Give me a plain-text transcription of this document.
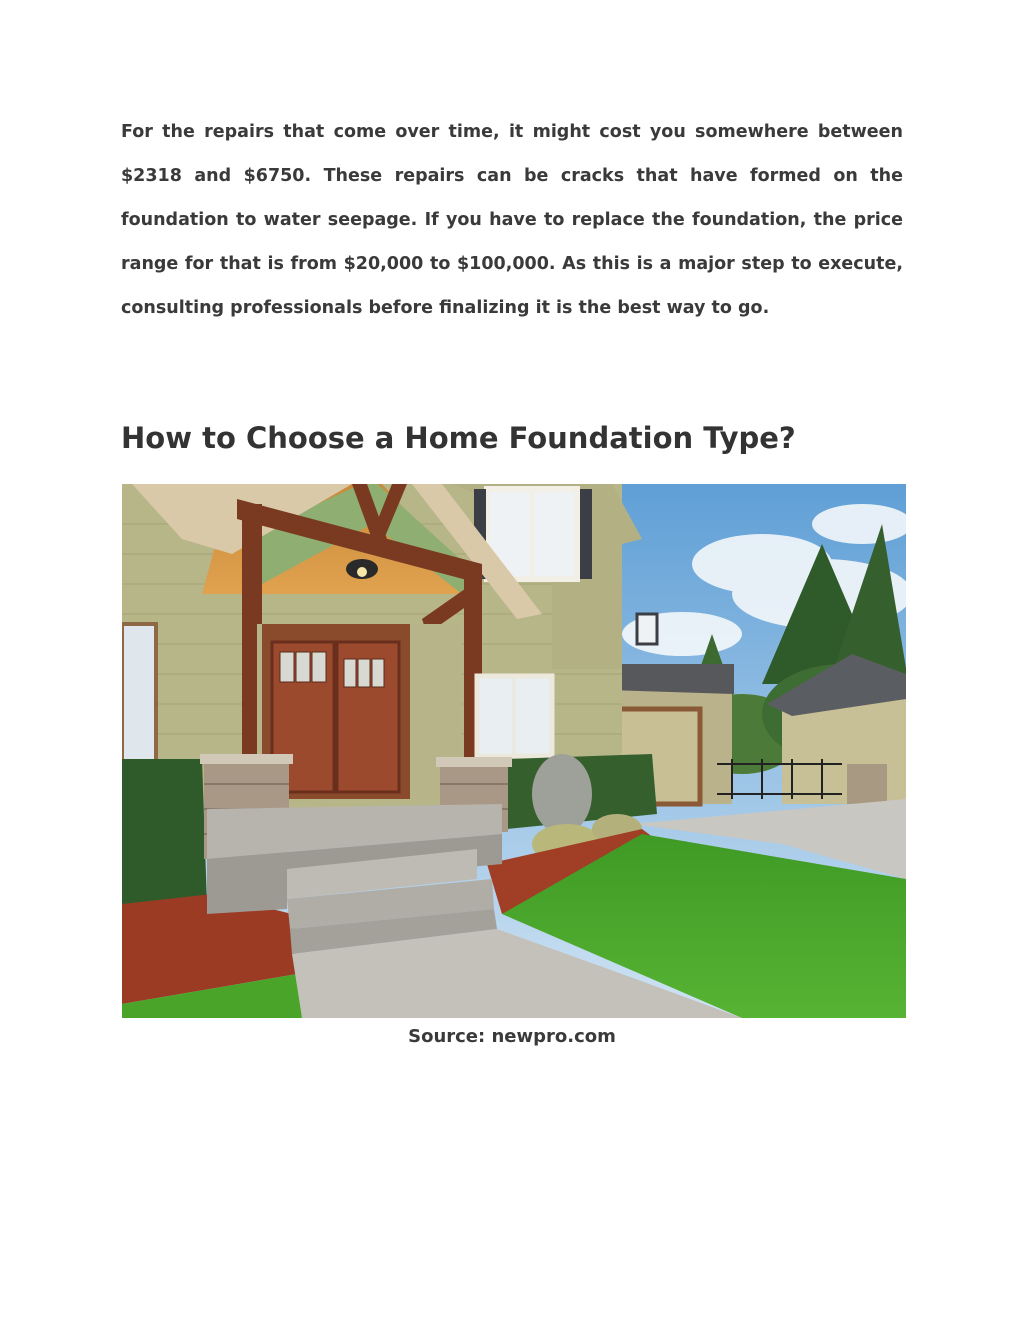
For the repairs that come over time, it might cost you somewhere between $2318 and $6750. These repairs can be cracks that have formed on the foundation to water seepage. If you have to replace the foundation, the price range for that is from $20,000 to $100,000. As this is a major step to execute, consulting professionals before finalizing it is the best way to go.

How to Choose a Home Foundation Type?

Source: newpro.com
